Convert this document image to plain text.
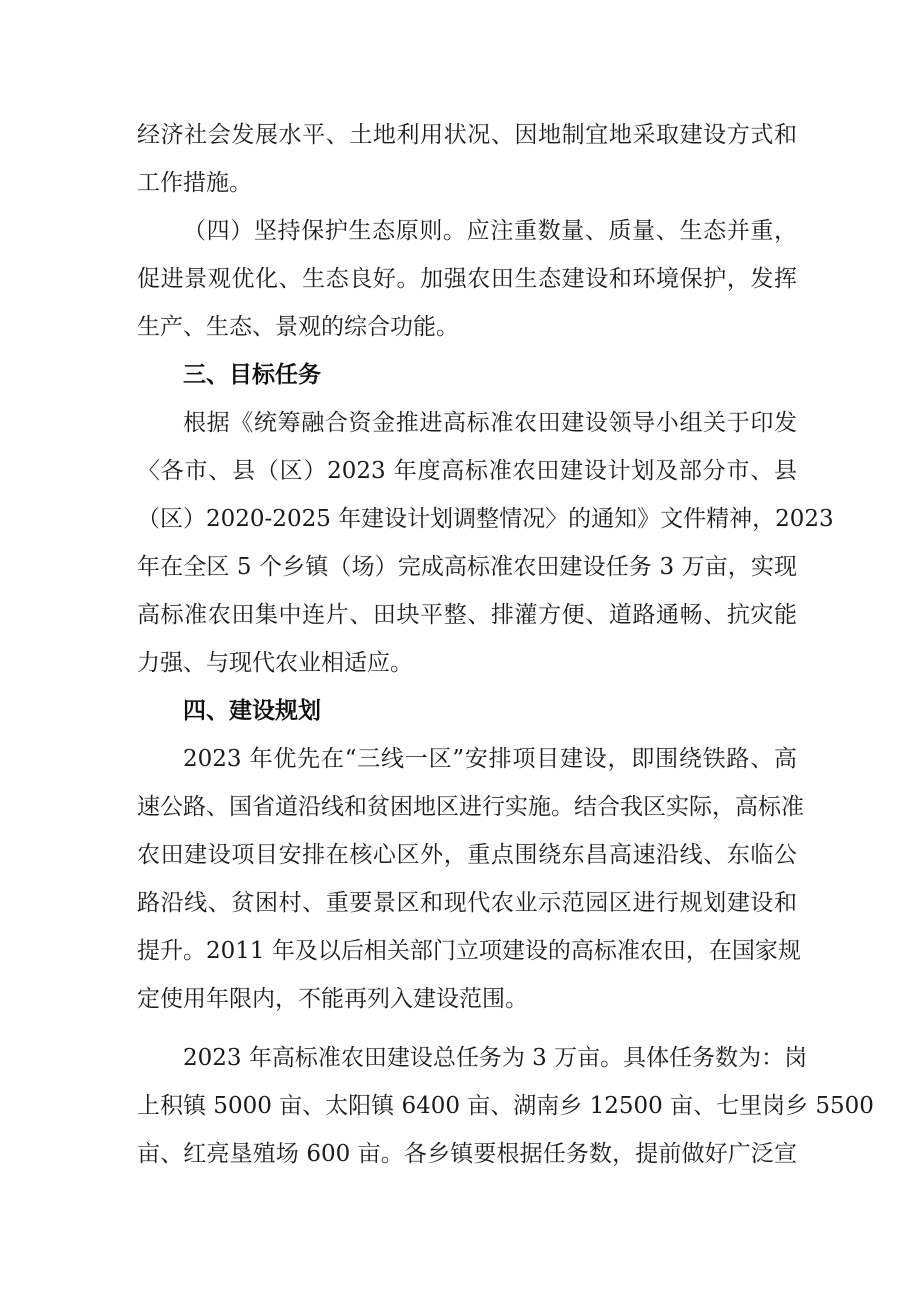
经济社会发展水平、土地利用状况、因地制宜地采取建设方式和
工作措施。
（四）坚持保护生态原则。应注重数量、质量、生态并重，
促进景观优化、生态良好。加强农田生态建设和环境保护，发挥
生产、生态、景观的综合功能。
三、目标任务
根据《统筹融合资金推进高标准农田建设领导小组关于印发
〈各市、县（区）2023 年度高标准农田建设计划及部分市、县
（区）2020-2025 年建设计划调整情况〉的通知》文件精神，2023
年在全区 5 个乡镇（场）完成高标准农田建设任务 3 万亩，实现
高标准农田集中连片、田块平整、排灌方便、道路通畅、抗灾能
力强、与现代农业相适应。
四、建设规划
2023 年优先在“三线一区”安排项目建设，即围绕铁路、高
速公路、国省道沿线和贫困地区进行实施。结合我区实际，高标准
农田建设项目安排在核心区外，重点围绕东昌高速沿线、东临公
路沿线、贫困村、重要景区和现代农业示范园区进行规划建设和
提升。2011 年及以后相关部门立项建设的高标准农田，在国家规
定使用年限内，不能再列入建设范围。
2023 年高标准农田建设总任务为 3 万亩。具体任务数为：岗
上积镇 5000 亩、太阳镇 6400 亩、湖南乡 12500 亩、七里岗乡 5500
亩、红亮垦殖场 600 亩。各乡镇要根据任务数，提前做好广泛宣
